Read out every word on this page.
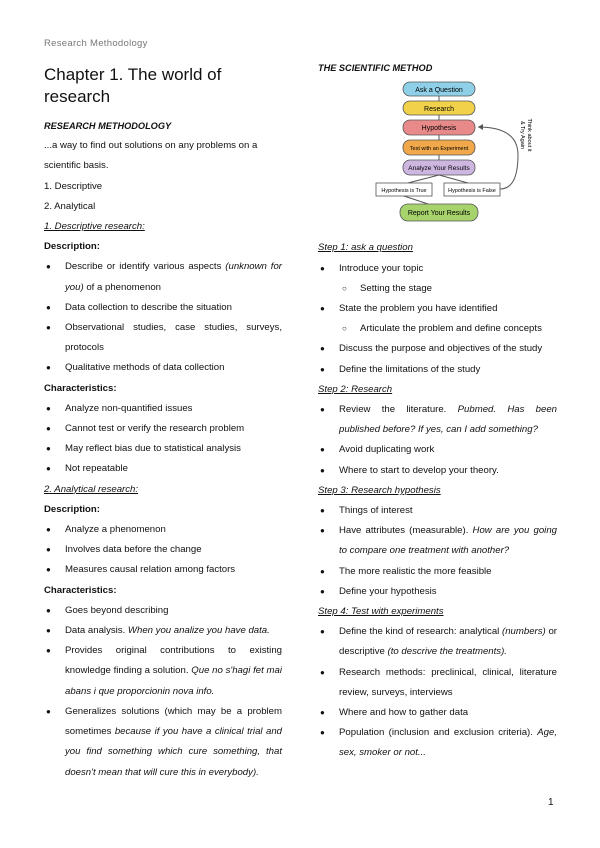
Research Methodology
Chapter 1. The world of research

RESEARCH METHODOLOGY

...a way to find out solutions on any problems on a scientific basis.

1. Descriptive

2. Analytical

1. Descriptive research:

Description:

● Describe or identify various aspects (unknown for you) of a phenomenon
● Data collection to describe the situation
● Observational studies, case studies, surveys, protocols
● Qualitative methods of data collection

Characteristics:

● Analyze non-quantified issues
● Cannot test or verify the research problem
● May reflect bias due to statistical analysis
● Not repeatable

2. Analytical research:

Description:

● Analyze a phenomenon
● Involves data before the change
● Measures causal relation among factors

Characteristics:

● Goes beyond describing
● Data analysis. When you analize you have data.
● Provides original contributions to existing knowledge finding a solution. Que no s'hagi fet mai abans i que proporcionin nova info.
● Generalizes solutions (which may be a problem sometimes because if you have a clinical trial and you find something which cure something, that doesn't mean that will cure this in everybody).

THE SCIENTIFIC METHOD

Ask a Question
Research
Hypothesis
Test with an Experiment
Analyze Your Results
Hypothesis is True	Hypothesis is False
Report Your Results
Think about it
& Try Again

Step 1: ask a question

● Introduce your topic
○ Setting the stage
● State the problem you have identified
○ Articulate the problem and define concepts
● Discuss the purpose and objectives of the study
● Define the limitations of the study

Step 2: Research

● Review the literature. Pubmed. Has been published before? If yes, can I add something?
● Avoid duplicating work
● Where to start to develop your theory.

Step 3: Research hypothesis

● Things of interest
● Have attributes (measurable). How are you going to compare one treatment with another?
● The more realistic the more feasible
● Define your hypothesis

Step 4: Test with experiments

● Define the kind of research: analytical (numbers) or descriptive (to descrive the treatments).
● Research methods: preclinical, clinical, literature review, surveys, interviews
● Where and how to gather data
● Population (inclusion and exclusion criteria). Age, sex, smoker or not...
1
